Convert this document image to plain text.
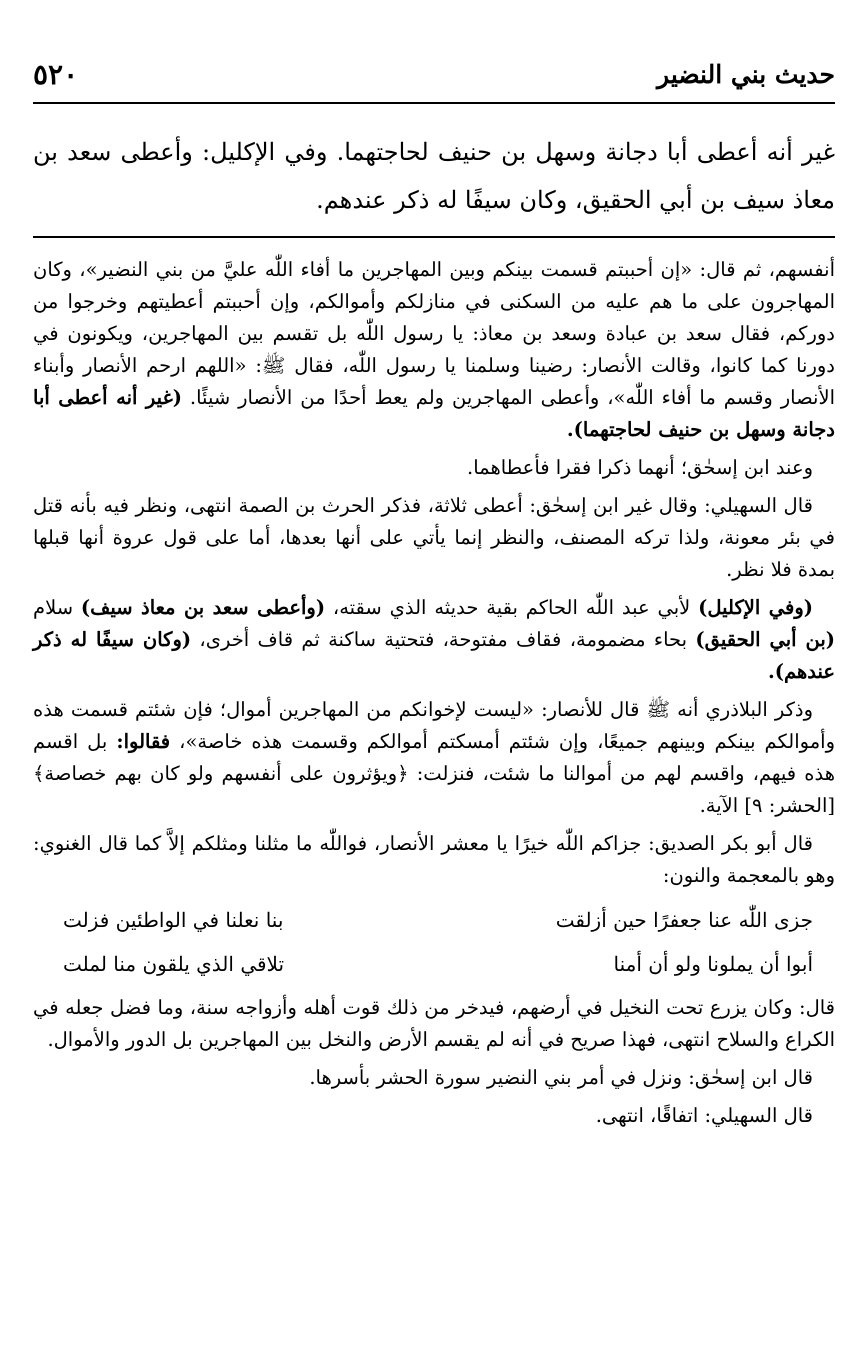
٥٢٠	حديث بني النضير
غير أنه أعطى أبا دجانة وسهل بن حنيف لحاجتهما. وفي الإكليل: وأعطى سعد بن
معاذ سيف بن أبي الحقيق، وكان سيفًا له ذكر عندهم.

أنفسهم، ثم قال: «إن أحببتم قسمت بينكم وبين المهاجرين ما أفاء اللّٰه عليَّ من بني النضير»، وكان المهاجرون على ما هم عليه من السكنى في منازلكم وأموالكم، وإن أحببتم أعطيتهم وخرجوا من دوركم، فقال سعد بن عبادة وسعد بن معاذ: يا رسول اللّٰه بل تقسم بين المهاجرين، ويكونون في دورنا كما كانوا، وقالت الأنصار: رضينا وسلمنا يا رسول اللّٰه، فقال ﷺ: «اللهم ارحم الأنصار وأبناء الأنصار وقسم ما أفاء اللّٰه»، وأعطى المهاجرين ولم يعط أحدًا من الأنصار شيئًا. (غير أنه أعطى أبا دجانة وسهل بن حنيف لحاجتهما).

وعند ابن إسحٰق؛ أنهما ذكرا فقرا فأعطاهما.

قال السهيلي: وقال غير ابن إسحٰق: أعطى ثلاثة، فذكر الحرث بن الصمة انتهى، ونظر فيه بأنه قتل في بئر معونة، ولذا تركه المصنف، والنظر إنما يأتي على أنها بعدها، أما على قول عروة أنها قبلها بمدة فلا نظر.

(وفي الإكليل) لأبي عبد اللّٰه الحاكم بقية حديثه الذي سقته، (وأعطى سعد بن معاذ سيف) سلام (بن أبي الحقيق) بحاء مضمومة، فقاف مفتوحة، فتحتية ساكنة ثم قاف أخرى، (وكان سيفًا له ذكر عندهم).

وذكر البلاذري أنه ﷺ قال للأنصار: «ليست لإخوانكم من المهاجرين أموال؛ فإن شئتم قسمت هذه وأموالكم بينكم وبينهم جميعًا، وإن شئتم أمسكتم أموالكم وقسمت هذه خاصة»، فقالوا: بل اقسم هذه فيهم، واقسم لهم من أموالنا ما شئت، فنزلت: ﴿ويؤثرون على أنفسهم ولو كان بهم خصاصة﴾ [الحشر: ٩] الآية.

قال أبو بكر الصديق: جزاكم اللّٰه خيرًا يا معشر الأنصار، فواللّٰه ما مثلنا ومثلكم إلاَّ كما قال الغنوي: وهو بالمعجمة والنون:

جزى اللّٰه عنا جعفرًا حين أزلقت
بنا نعلنا في الواطئين فزلت
أبوا أن يملونا ولو أن أمنا
تلاقي الذي يلقون منا لملت

قال: وكان يزرع تحت النخيل في أرضهم، فيدخر من ذلك قوت أهله وأزواجه سنة، وما فضل جعله في الكراع والسلاح انتهى، فهذا صريح في أنه لم يقسم الأرض والنخل بين المهاجرين بل الدور والأموال.

قال ابن إسحٰق: ونزل في أمر بني النضير سورة الحشر بأسرها.

قال السهيلي: اتفاقًا، انتهى.
